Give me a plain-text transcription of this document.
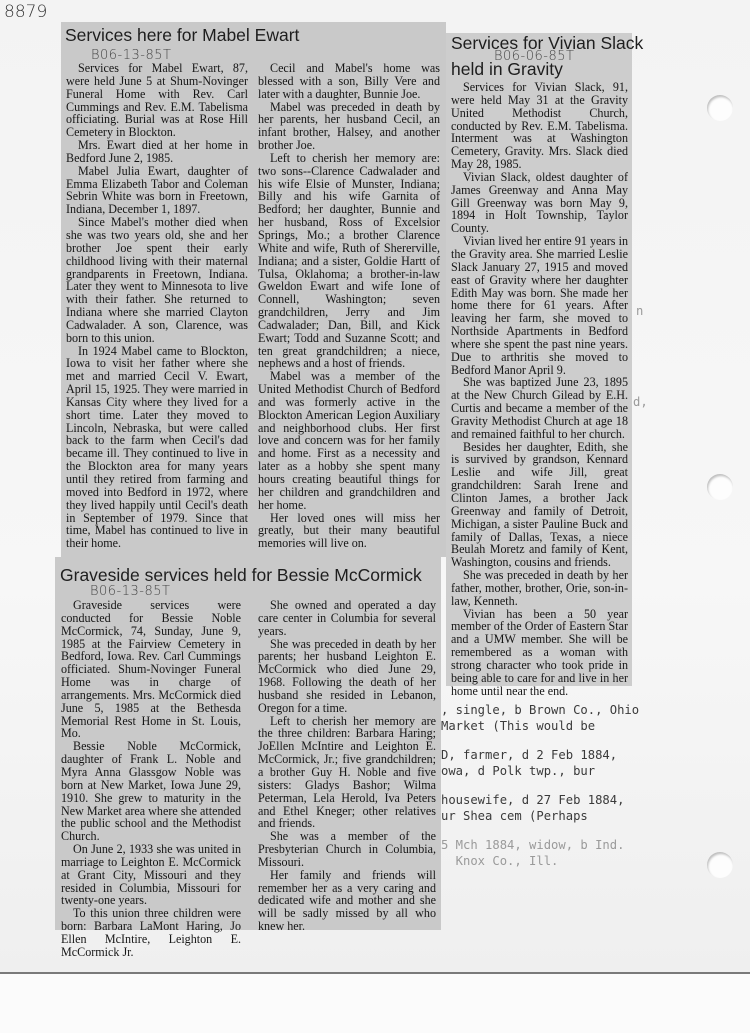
8879
, single, b Brown Co., Ohio
Market (This would be
D, farmer, d 2 Feb 1884,
owa, d Polk twp., bur
housewife, d 27 Feb 1884,
ur Shea cem (Perhaps
5 Mch 1884, widow, b Ind.
Knox Co., Ill.
n
d,
Services here for Mabel Ewart
B06-13-85T

Services for Mabel Ewart, 87, were held June 5 at Shum-Novinger Funeral Home with Rev. Carl Cummings and Rev. E.M. Tabelisma officiating. Burial was at Rose Hill Cemetery in Blockton.

Mrs. Ewart died at her home in Bedford June 2, 1985.

Mabel Julia Ewart, daughter of Emma Elizabeth Tabor and Coleman Sebrin White was born in Freetown, Indiana, December 1, 1897.

Since Mabel's mother died when she was two years old, she and her brother Joe spent their early childhood living with their maternal grandparents in Freetown, Indiana. Later they went to Minnesota to live with their father. She returned to Indiana where she married Clayton Cadwalader. A son, Clarence, was born to this union.

In 1924 Mabel came to Blockton, Iowa to visit her father where she met and married Cecil V. Ewart, April 15, 1925. They were married in Kansas City where they lived for a short time. Later they moved to Lincoln, Nebraska, but were called back to the farm when Cecil's dad became ill. They continued to live in the Blockton area for many years until they retired from farming and moved into Bedford in 1972, where they lived happily until Cecil's death in September of 1979. Since that time, Mabel has continued to live in their home.

Cecil and Mabel's home was blessed with a son, Billy Vere and later with a daughter, Bunnie Joe.

Mabel was preceded in death by her parents, her husband Cecil, an infant brother, Halsey, and another brother Joe.

Left to cherish her memory are: two sons--Clarence Cadwalader and his wife Elsie of Munster, Indiana; Billy and his wife Garnita of Bedford; her daughter, Bunnie and her husband, Ross of Excelsior Springs, Mo.; a brother Clarence White and wife, Ruth of Shererville, Indiana; and a sister, Goldie Hartt of Tulsa, Oklahoma; a brother-in-law Gweldon Ewart and wife Ione of Connell, Washington; seven grandchildren, Jerry and Jim Cadwalader; Dan, Bill, and Kick Ewart; Todd and Suzanne Scott; and ten great grandchildren; a niece, nephews and a host of friends.

Mabel was a member of the United Methodist Church of Bedford and was formerly active in the Blockton American Legion Auxiliary and neighborhood clubs. Her first love and concern was for her family and home. First as a necessity and later as a hobby she spent many hours creating beautiful things for her children and grandchildren and her home.

Her loved ones will miss her greatly, but their many beautiful memories will live on.

Services for Vivian Slack
B06-06-85T
held in Gravity

Services for Vivian Slack, 91, were held May 31 at the Gravity United Methodist Church, conducted by Rev. E.M. Tabelisma. Interment was at Washington Cemetery, Gravity. Mrs. Slack died May 28, 1985.

Vivian Slack, oldest daughter of James Greenway and Anna May Gill Greenway was born May 9, 1894 in Holt Township, Taylor County.

Vivian lived her entire 91 years in the Gravity area. She married Leslie Slack January 27, 1915 and moved east of Gravity where her daughter Edith May was born. She made her home there for 61 years. After leaving her farm, she moved to Northside Apartments in Bedford where she spent the past nine years. Due to arthritis she moved to Bedford Manor April 9.

She was baptized June 23, 1895 at the New Church Gilead by E.H. Curtis and became a member of the Gravity Methodist Church at age 18 and remained faithful to her church.

Besides her daughter, Edith, she is survived by grandson, Kennard Leslie and wife Jill, great grandchildren: Sarah Irene and Clinton James, a brother Jack Greenway and family of Detroit, Michigan, a sister Pauline Buck and family of Dallas, Texas, a niece Beulah Moretz and family of Kent, Washington, cousins and friends.

She was preceded in death by her father, mother, brother, Orie, son-in-law, Kenneth.

Vivian has been a 50 year member of the Order of Eastern Star and a UMW member. She will be remembered as a woman with strong character who took pride in being able to care for and live in her home until near the end.

Graveside services held for Bessie McCormick
B06-13-85T

Graveside services were conducted for Bessie Noble McCormick, 74, Sunday, June 9, 1985 at the Fairview Cemetery in Bedford, Iowa. Rev. Carl Cummings officiated. Shum-Novinger Funeral Home was in charge of arrangements. Mrs. McCormick died June 5, 1985 at the Bethesda Memorial Rest Home in St. Louis, Mo.

Bessie Noble McCormick, daughter of Frank L. Noble and Myra Anna Glassgow Noble was born at New Market, Iowa June 29, 1910. She grew to maturity in the New Market area where she attended the public school and the Methodist Church.

On June 2, 1933 she was united in marriage to Leighton E. McCormick at Grant City, Missouri and they resided in Columbia, Missouri for twenty-one years.

To this union three children were born: Barbara LaMont Haring, Jo Ellen McIntire, Leighton E. McCormick Jr.

She owned and operated a day care center in Columbia for several years.

She was preceded in death by her parents; her husband Leighton E. McCormick who died June 29, 1968. Following the death of her husband she resided in Lebanon, Oregon for a time.

Left to cherish her memory are the three children: Barbara Haring; JoEllen McIntire and Leighton E. McCormick, Jr.; five grandchildren; a brother Guy H. Noble and five sisters: Gladys Bashor; Wilma Peterman, Lela Herold, Iva Peters and Ethel Kneger; other relatives and friends.

She was a member of the Presbyterian Church in Columbia, Missouri.

Her family and friends will remember her as a very caring and dedicated wife and mother and she will be sadly missed by all who knew her.
